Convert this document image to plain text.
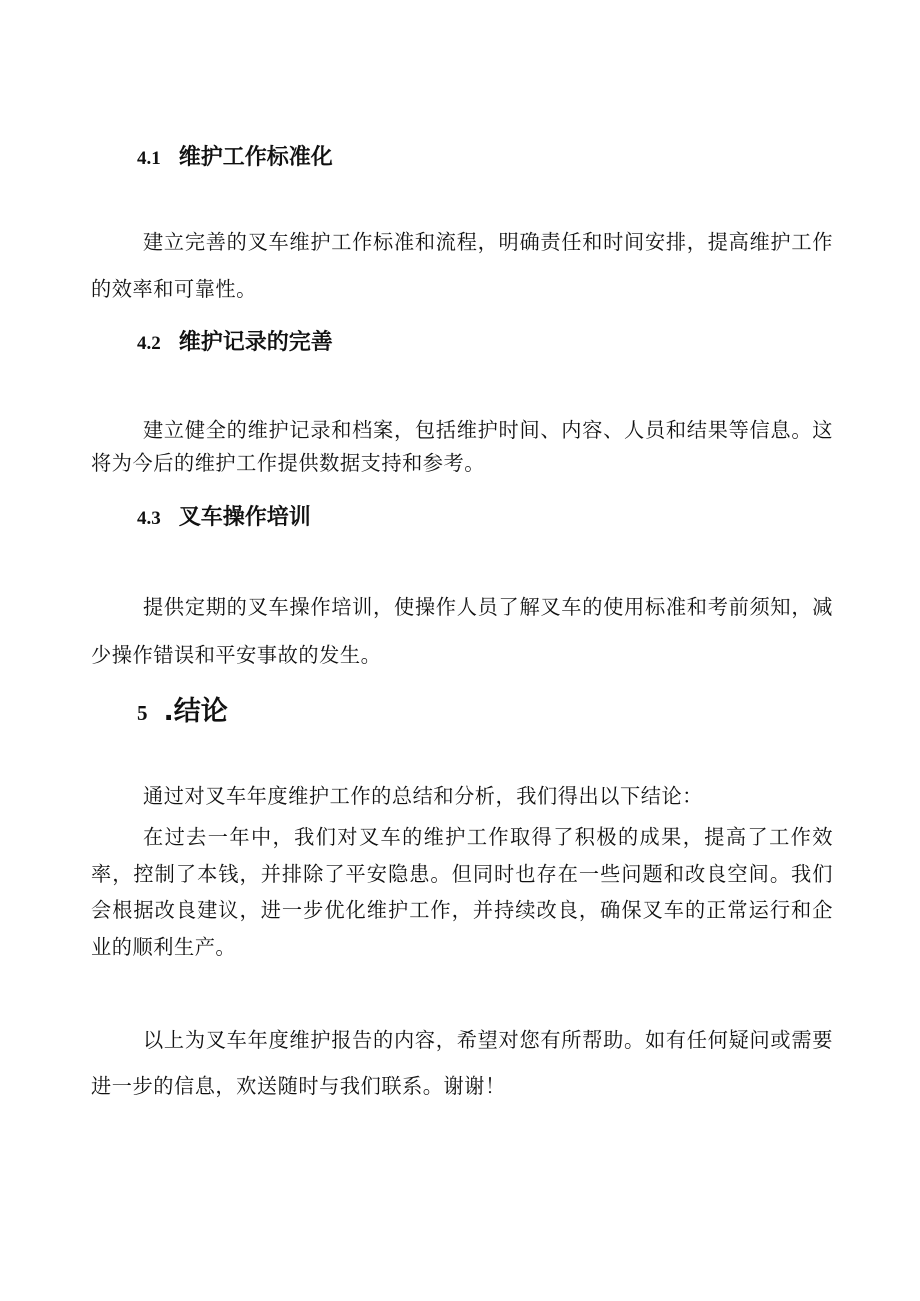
4.1 维护工作标准化

建立完善的叉车维护工作标准和流程，明确责任和时间安排，提高维护工作的效率和可靠性。

4.2 维护记录的完善

建立健全的维护记录和档案，包括维护时间、内容、人员和结果等信息。这将为今后的维护工作提供数据支持和参考。

4.3 叉车操作培训

提供定期的叉车操作培训，使操作人员了解叉车的使用标准和考前须知，减少操作错误和平安事故的发生。

5 .结论

通过对叉车年度维护工作的总结和分析，我们得出以下结论：

在过去一年中，我们对叉车的维护工作取得了积极的成果，提高了工作效率，控制了本钱，并排除了平安隐患。但同时也存在一些问题和改良空间。我们会根据改良建议，进一步优化维护工作，并持续改良，确保叉车的正常运行和企业的顺利生产。

以上为叉车年度维护报告的内容，希望对您有所帮助。如有任何疑问或需要进一步的信息，欢送随时与我们联系。谢谢！
